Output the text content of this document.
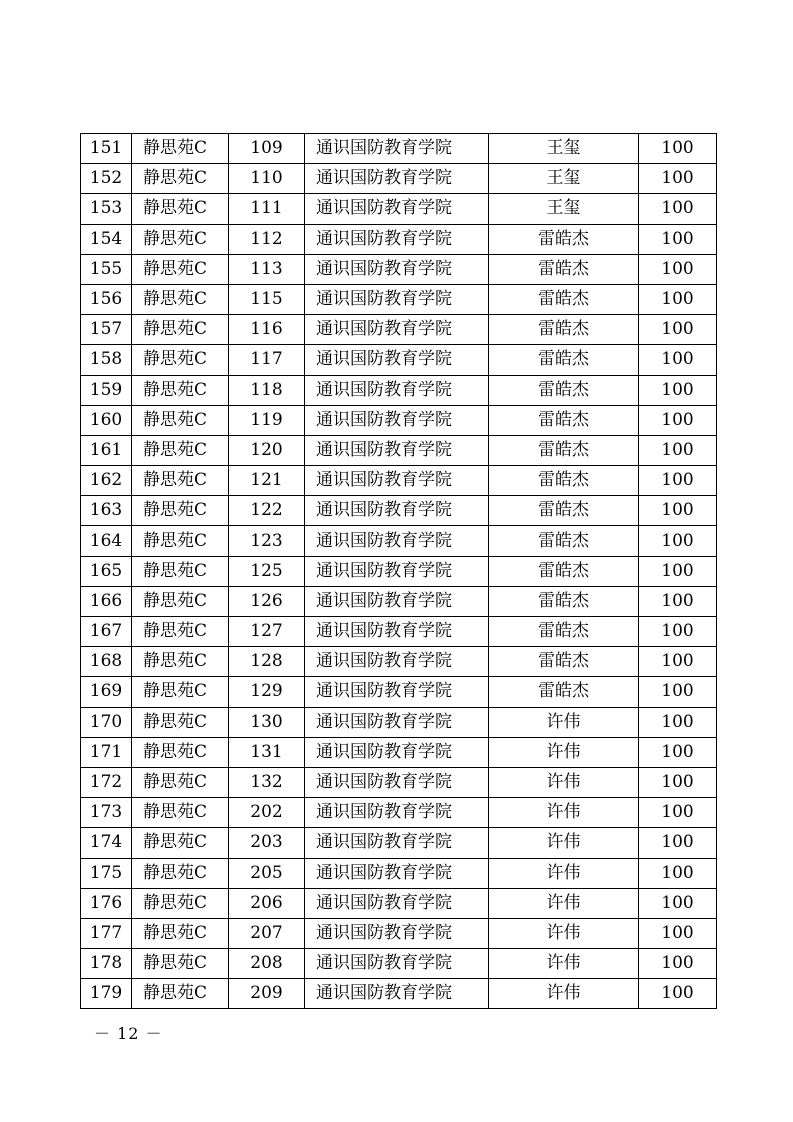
151	静思苑C	109	通识国防教育学院	王玺	100
152	静思苑C	110	通识国防教育学院	王玺	100
153	静思苑C	111	通识国防教育学院	王玺	100
154	静思苑C	112	通识国防教育学院	雷皓杰	100
155	静思苑C	113	通识国防教育学院	雷皓杰	100
156	静思苑C	115	通识国防教育学院	雷皓杰	100
157	静思苑C	116	通识国防教育学院	雷皓杰	100
158	静思苑C	117	通识国防教育学院	雷皓杰	100
159	静思苑C	118	通识国防教育学院	雷皓杰	100
160	静思苑C	119	通识国防教育学院	雷皓杰	100
161	静思苑C	120	通识国防教育学院	雷皓杰	100
162	静思苑C	121	通识国防教育学院	雷皓杰	100
163	静思苑C	122	通识国防教育学院	雷皓杰	100
164	静思苑C	123	通识国防教育学院	雷皓杰	100
165	静思苑C	125	通识国防教育学院	雷皓杰	100
166	静思苑C	126	通识国防教育学院	雷皓杰	100
167	静思苑C	127	通识国防教育学院	雷皓杰	100
168	静思苑C	128	通识国防教育学院	雷皓杰	100
169	静思苑C	129	通识国防教育学院	雷皓杰	100
170	静思苑C	130	通识国防教育学院	许伟	100
171	静思苑C	131	通识国防教育学院	许伟	100
172	静思苑C	132	通识国防教育学院	许伟	100
173	静思苑C	202	通识国防教育学院	许伟	100
174	静思苑C	203	通识国防教育学院	许伟	100
175	静思苑C	205	通识国防教育学院	许伟	100
176	静思苑C	206	通识国防教育学院	许伟	100
177	静思苑C	207	通识国防教育学院	许伟	100
178	静思苑C	208	通识国防教育学院	许伟	100
179	静思苑C	209	通识国防教育学院	许伟	100
－ 12 －
